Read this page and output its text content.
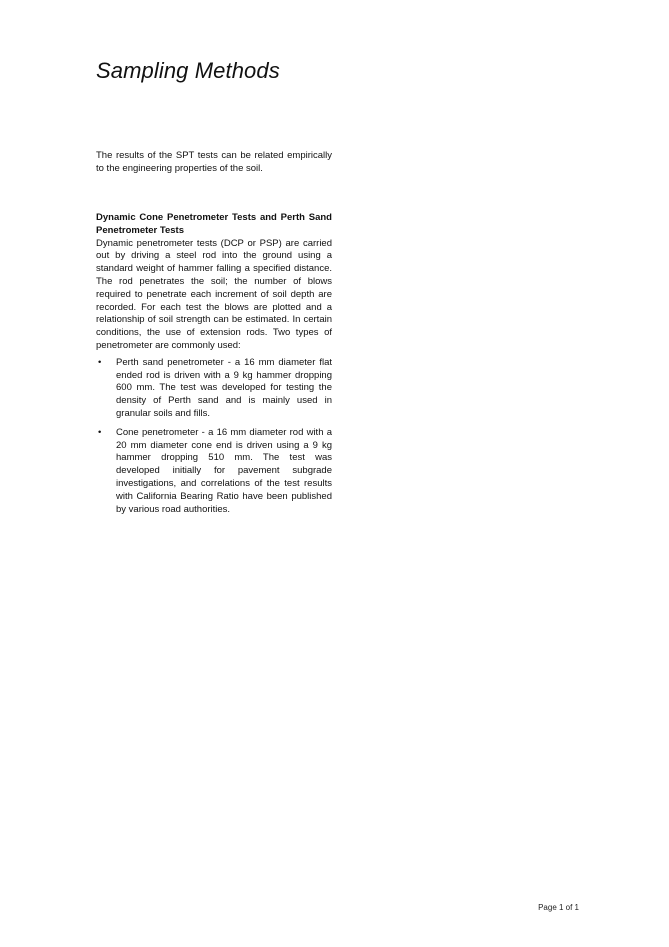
Sampling Methods

The results of the SPT tests can be related empirically to the engineering properties of the soil.

Dynamic Cone Penetrometer Tests and Perth Sand Penetrometer Tests

Dynamic penetrometer tests (DCP or PSP) are carried out by driving a steel rod into the ground using a standard weight of hammer falling a specified distance. The rod penetrates the soil; the number of blows required to penetrate each increment of soil depth are recorded. For each test the blows are plotted and a relationship of soil strength can be estimated. In certain conditions, the use of extension rods. Two types of penetrometer are commonly used:

• Perth sand penetrometer - a 16 mm diameter flat ended rod is driven with a 9 kg hammer dropping 600 mm. The test was developed for testing the density of Perth sand and is mainly used in granular soils and fills.
• Cone penetrometer - a 16 mm diameter rod with a 20 mm diameter cone end is driven using a 9 kg hammer dropping 510 mm. The test was developed initially for pavement subgrade investigations, and correlations of the test results with California Bearing Ratio have been published by various road authorities.
Page 1 of 1
